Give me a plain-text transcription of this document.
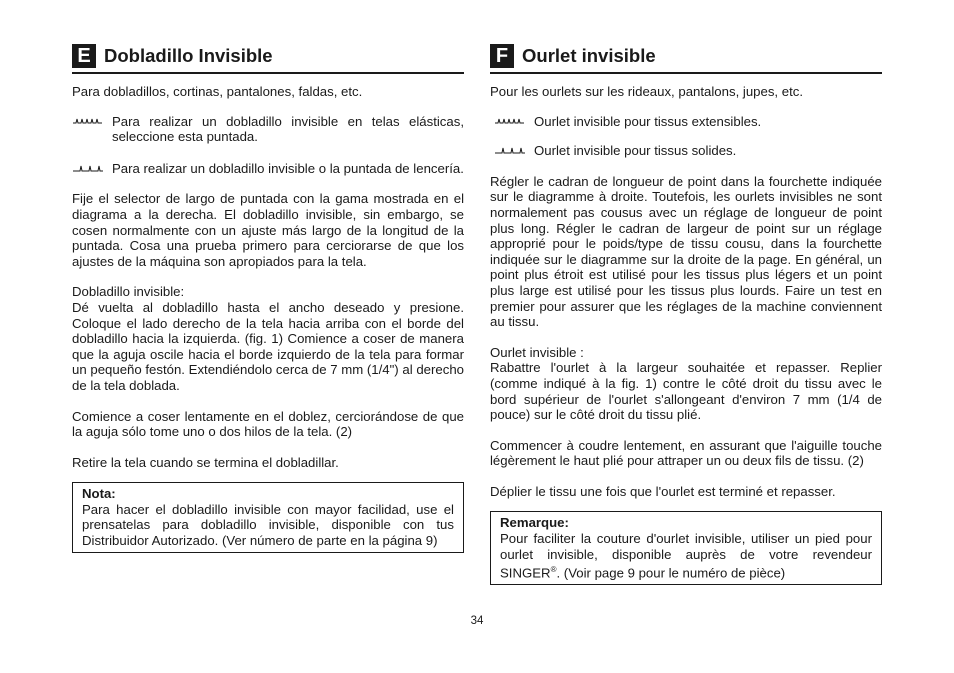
E Dobladillo Invisible

Para dobladillos, cortinas, pantalones, faldas, etc.

Para realizar un dobladillo invisible en telas elásticas, seleccione esta puntada.
Para realizar un dobladillo invisible o la puntada de lencería.

Fije el selector de largo de puntada con la gama mostrada en el diagrama a la derecha. El dobladillo invisible, sin embargo, se cosen normalmente con un ajuste más largo de la longitud de la puntada. Cosa una prueba primero para cerciorarse de que los ajustes de la máquina son apropiados para la tela.

Dobladillo invisible:

Dé vuelta al dobladillo hasta el ancho deseado y presione. Coloque el lado derecho de la tela hacia arriba con el borde del dobladillo hacia la izquierda. (fig. 1) Comience a coser de manera que la aguja oscile hacia el borde izquierdo de la tela para formar un pequeño festón. Extendiéndolo cerca de 7 mm (1/4") al derecho de la tela doblada.

Comience a coser lentamente en el doblez, cerciorándose de que la aguja sólo tome uno o dos hilos de la tela. (2)

Retire la tela cuando se termina el dobladillar.

Nota:

Para hacer el dobladillo invisible con mayor facilidad, use el prensatelas para dobladillo invisible, disponible con tus Distribuidor Autorizado. (Ver número de parte en la página 9)

F Ourlet invisible

Pour les ourlets sur les rideaux, pantalons, jupes, etc.

Ourlet invisible pour tissus extensibles.
Ourlet invisible pour tissus solides.

Régler le cadran de longueur de point dans la fourchette indiquée sur le diagramme à droite. Toutefois, les ourlets invisibles ne sont normalement pas cousus avec un réglage de longueur de point plus long. Régler le cadran de largeur de point sur un réglage approprié pour le poids/type de tissu cousu, dans la fourchette indiquée sur le diagramme sur la droite de la page. En général, un point plus étroit est utilisé pour les tissus plus légers et un point plus large est utilisé pour les tissus plus lourds. Faire un test en premier pour assurer que les réglages de la machine conviennent au tissu.

Ourlet invisible :

Rabattre l'ourlet à la largeur souhaitée et repasser. Replier (comme indiqué à la fig. 1) contre le côté droit du tissu avec le bord supérieur de l'ourlet s'allongeant d'environ 7 mm (1/4 de pouce) sur le côté droit du tissu plié.

Commencer à coudre lentement, en assurant que l'aiguille touche légèrement le haut plié pour attraper un ou deux fils de tissu. (2)

Déplier le tissu une fois que l'ourlet est terminé et repasser.

Remarque:

Pour faciliter la couture d'ourlet invisible, utiliser un pied pour ourlet invisible, disponible auprès de votre revendeur SINGER®. (Voir page 9 pour le numéro de pièce)

34
